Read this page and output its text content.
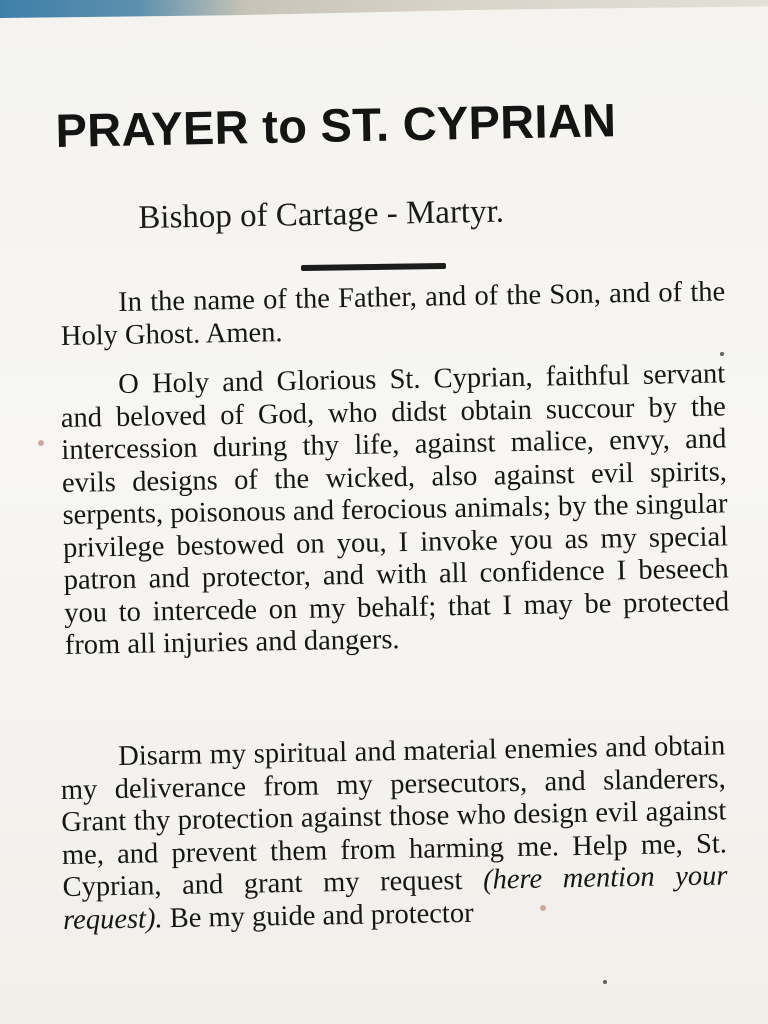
PRAYER to ST. CYPRIAN
Bishop of Cartage - Martyr.

In the name of the Father, and of the Son, and of the Holy Ghost. Amen.

O Holy and Glorious St. Cyprian, faithful servant and beloved of God, who didst obtain succour by the intercession during thy life, against malice, envy, and evils designs of the wicked, also against evil spirits, serpents, poisonous and ferocious animals; by the singular privilege bestowed on you, I invoke you as my special patron and protector, and with all confidence I beseech you to intercede on my behalf; that I may be protected from all injuries and dangers.

Disarm my spiritual and material enemies and obtain my deliverance from my persecutors, and slanderers, Grant thy protection against those who design evil against me, and prevent them from harming me. Help me, St. Cyprian, and grant my request (here mention your request). Be my guide and protector
